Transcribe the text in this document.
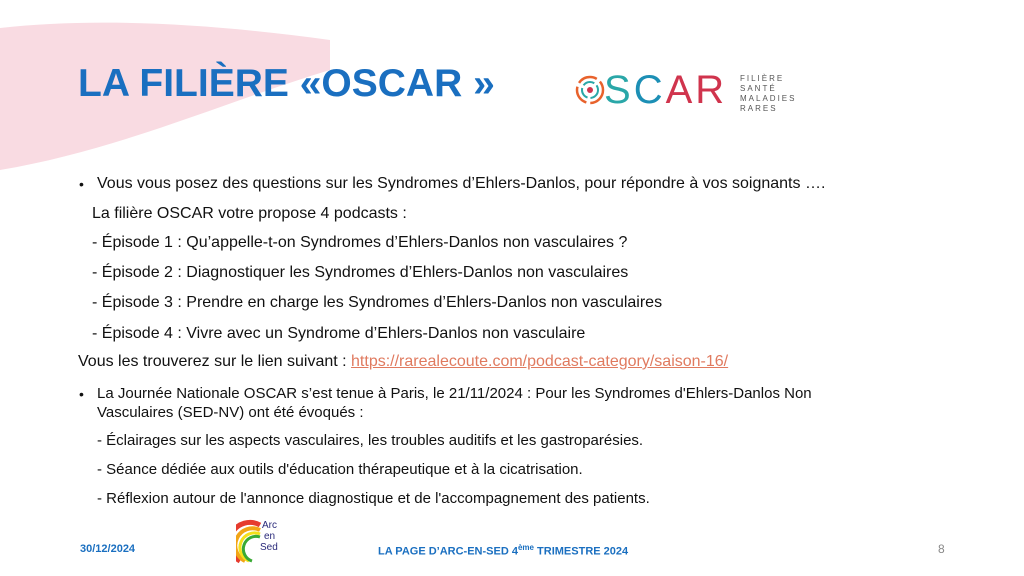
LA FILIÈRE «OSCAR »	SCAR FILIÈRE
SANTÉ
MALADIES
RARES
• Vous vous posez des questions sur les Syndromes d’Ehlers-Danlos, pour répondre à vos soignants ….
La filière OSCAR votre propose 4 podcasts :
- Épisode 1 : Qu’appelle-t-on Syndromes d’Ehlers-Danlos non vasculaires ?
- Épisode 2 : Diagnostiquer les Syndromes d’Ehlers-Danlos non vasculaires
- Épisode 3 : Prendre en charge les Syndromes d’Ehlers-Danlos non vasculaires
- Épisode 4 : Vivre avec un Syndrome d’Ehlers-Danlos non vasculaire
Vous les trouverez sur le lien suivant : https://rarealecoute.com/podcast-category/saison-16/
• La Journée Nationale OSCAR s’est tenue à Paris, le 21/11/2024 : Pour les Syndromes d'Ehlers-Danlos Non
Vasculaires (SED-NV) ont été évoqués :
- Éclairages sur les aspects vasculaires, les troubles auditifs et les gastroparésies.
- Séance dédiée aux outils d'éducation thérapeutique et à la cicatrisation.
- Réflexion autour de l'annonce diagnostique et de l'accompagnement des patients.
30/12/2024
Arc
en
Sed	LA PAGE D’ARC-EN-SED 4ème TRIMESTRE 2024	8
